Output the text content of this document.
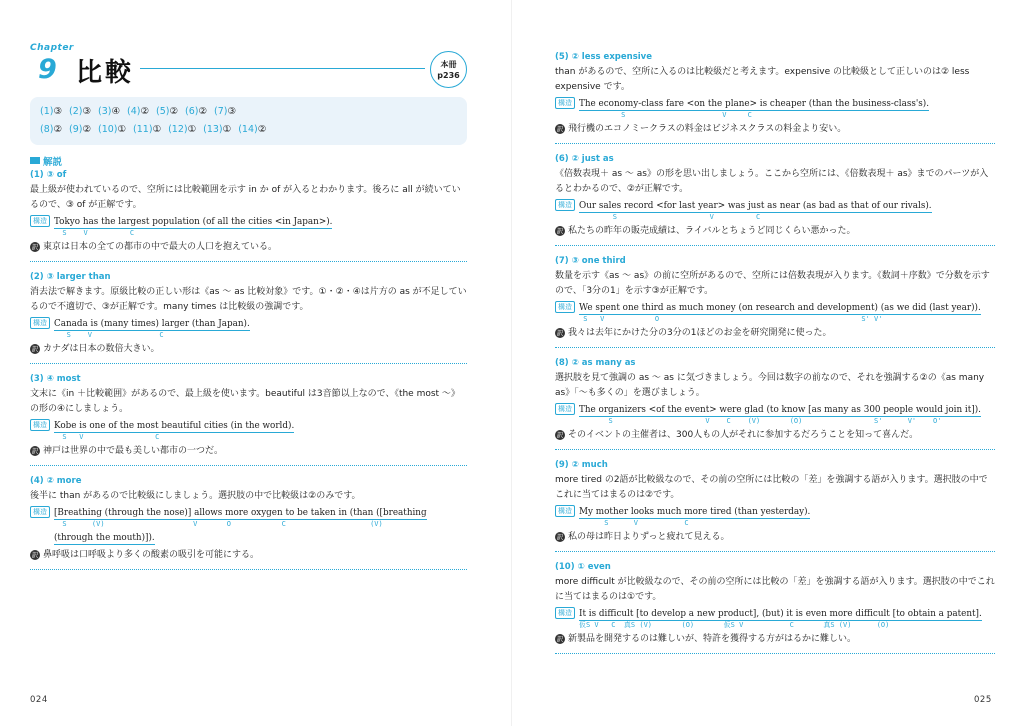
Chapter
9 比較	本冊
p236
(1)③ (2)③ (3)④ (4)② (5)② (6)② (7)③
(8)② (9)② (10)① (11)① (12)① (13)① (14)②
解説
(1) ③ of
最上級が使われているので、空所には比較範囲を示す in か of が入るとわかります。後ろに all が続いているので、③ of が正解です。
構造 Tokyo has the largest population (of all the cities <in Japan>).
S    V          C
訳 東京は日本の全ての都市の中で最大の人口を抱えている。
(2) ③ larger than
消去法で解きます。原級比較の正しい形は《as ～ as 比較対象》です。①・②・④は片方の as が不足しているので不適切で、③が正解です。many times は比較級の強調です。
構造 Canada is (many times) larger (than Japan).
S    V                C
訳 カナダは日本の数倍大きい。
(3) ④ most
文末に《in ＋比較範囲》があるので、最上級を使います。beautiful は3音節以上なので、《the most ～》の形の④にしましょう。
構造 Kobe is one of the most beautiful cities (in the world).
S   V                 C
訳 神戸は世界の中で最も美しい都市の一つだ。
(4) ② more
後半に than があるので比較級にしましょう。選択肢の中で比較級は②のみです。
構造 [Breathing (through the nose)] allows more oxygen to be taken in (than ([breathing
S      (V)                     V       O            C                    (V)
(through the mouth)]).
訳 鼻呼吸は口呼吸より多くの酸素の吸引を可能にする。
024
(5) ② less expensive
than があるので、空所に入るのは比較級だと考えます。expensive の比較級として正しいのは② less expensive です。
構造 The economy-class fare <on the plane> is cheaper (than the business-class's).
S                       V     C
訳 飛行機のエコノミークラスの料金はビジネスクラスの料金より安い。
(6) ② just as
《倍数表現＋ as ～ as》の形を思い出しましょう。ここから空所には、《倍数表現＋ as》までのパーツが入るとわかるので、②が正解です。
構造 Our sales record <for last year> was just as near (as bad as that of our rivals).
S                      V          C
訳 私たちの昨年の販売成績は、ライバルとちょうど同じくらい悪かった。
(7) ③ one third
数量を示す《as ～ as》の前に空所があるので、空所には倍数表現が入ります。《数詞＋序数》で分数を示すので、「3分の1」を示す③が正解です。
構造 We spent one third as much money (on research and development) (as we did (last year)).
S   V            O                                                S' V'
訳 我々は去年にかけた分の3分の1ほどのお金を研究開発に使った。
(8) ② as many as
選択肢を見て強調の as ～ as に気づきましょう。今回は数字の前なので、それを強調する②の《as many as》「～も多くの」を選びましょう。
構造 The organizers <of the event> were glad (to know [as many as 300 people would join it]).
S                      V    C    (V)       (O)                 S'      V'    O'
訳 そのイベントの主催者は、300人もの人がそれに参加するだろうことを知って喜んだ。
(9) ② much
more tired の2語が比較級なので、その前の空所には比較の「差」を強調する語が入ります。選択肢の中でこれに当てはまるのは②です。
構造 My mother looks much more tired (than yesterday).
S      V           C
訳 私の母は昨日よりずっと疲れて見える。
(10) ① even
more difficult が比較級なので、その前の空所には比較の「差」を強調する語が入ります。選択肢の中でこれに当てはまるのは①です。
構造 It is difficult [to develop a new product], (but) it is even more difficult [to obtain a patent].
仮S V   C  真S (V)       (O)       仮S V           C       真S (V)      (O)
訳 新製品を開発するのは難しいが、特許を獲得する方がはるかに難しい。
025
